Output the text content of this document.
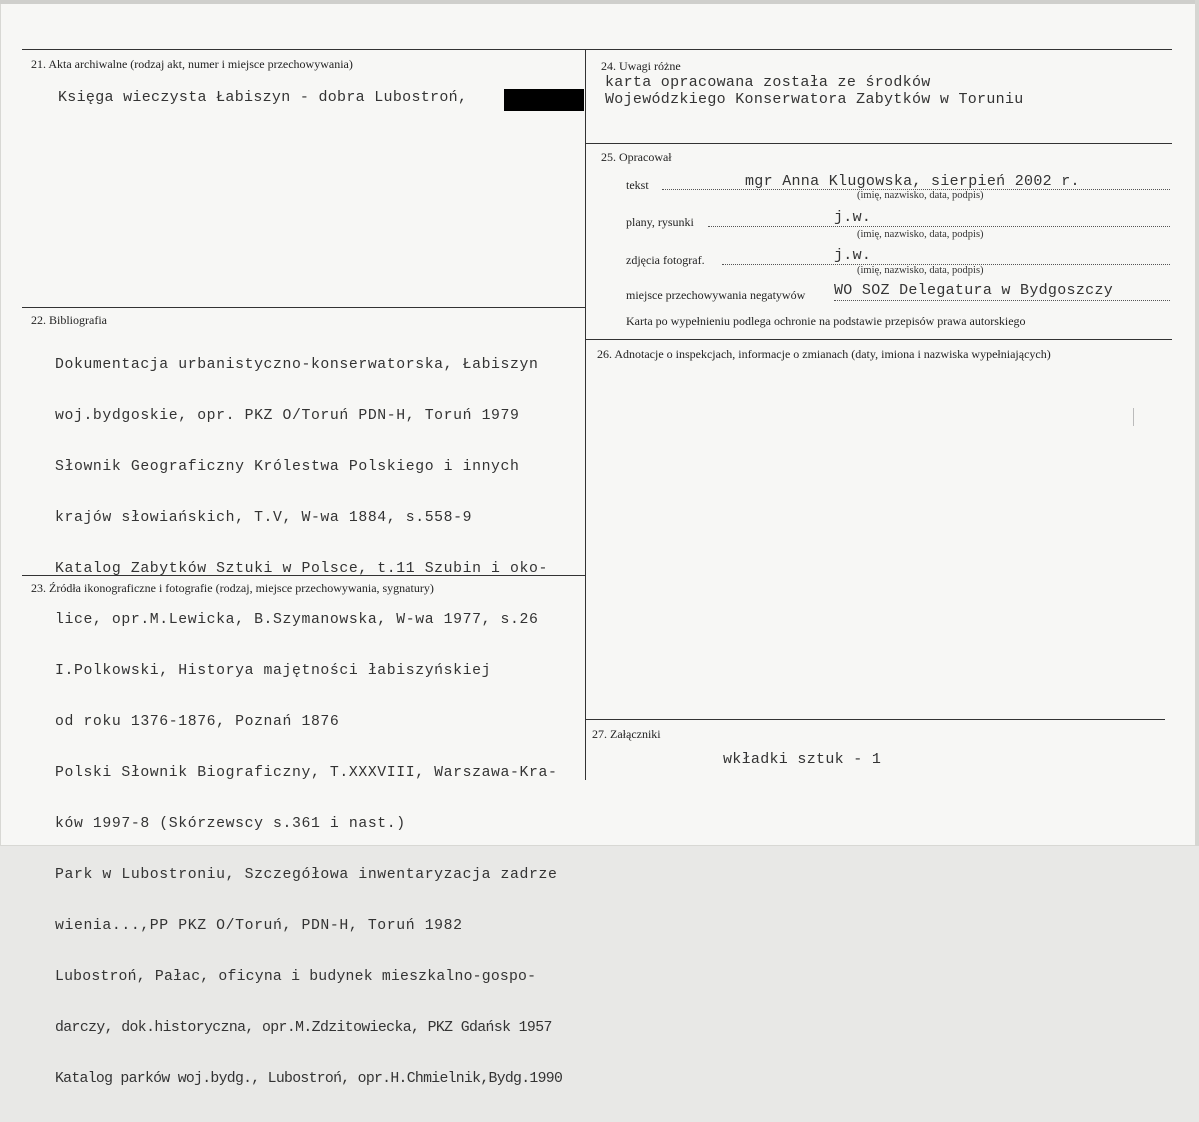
21. Akta archiwalne (rodzaj akt, numer i miejsce przechowywania)
Księga wieczysta Łabiszyn - dobra Lubostroń,
22. Bibliografia

Dokumentacja urbanistyczno-konserwatorska, Łabiszyn

woj.bydgoskie, opr. PKZ O/Toruń PDN-H, Toruń 1979

Słownik Geograficzny Królestwa Polskiego i innych

krajów słowiańskich, T.V, W-wa 1884, s.558-9

Katalog Zabytków Sztuki w Polsce, t.11 Szubin i oko-

lice, opr.M.Lewicka, B.Szymanowska, W-wa 1977, s.26

I.Polkowski, Historya majętności łabiszyńskiej

od roku 1376-1876, Poznań 1876

Polski Słownik Biograficzny, T.XXXVIII, Warszawa-Kra-

ków 1997-8 (Skórzewscy s.361 i nast.)

Park w Lubostroniu, Szczegółowa inwentaryzacja zadrze

wienia...,PP PKZ O/Toruń, PDN-H, Toruń 1982

Lubostroń, Pałac, oficyna i budynek mieszkalno-gospo-

darczy, dok.historyczna, opr.M.Zdzitowiecka, PKZ Gdańsk 1957

Katalog parków woj.bydg., Lubostroń, opr.H.Chmielnik,Bydg.1990

23. Źródła ikonograficzne i fotografie (rodzaj, miejsce przechowywania, sygnatury)
24. Uwagi różne
karta opracowana została ze środków
Wojewódzkiego Konserwatora Zabytków w Toruniu
25. Opracował
tekst	mgr Anna Klugowska, sierpień 2002 r.
(imię, nazwisko, data, podpis)
plany, rysunki	j.w.
(imię, nazwisko, data, podpis)
zdjęcia fotograf.	j.w.
(imię, nazwisko, data, podpis)
miejsce przechowywania negatywów WO SOZ Delegatura w Bydgoszczy
Karta po wypełnieniu podlega ochronie na podstawie przepisów prawa autorskiego
26. Adnotacje o inspekcjach, informacje o zmianach (daty, imiona i nazwiska wypełniających)
27. Załączniki
wkładki sztuk - 1
